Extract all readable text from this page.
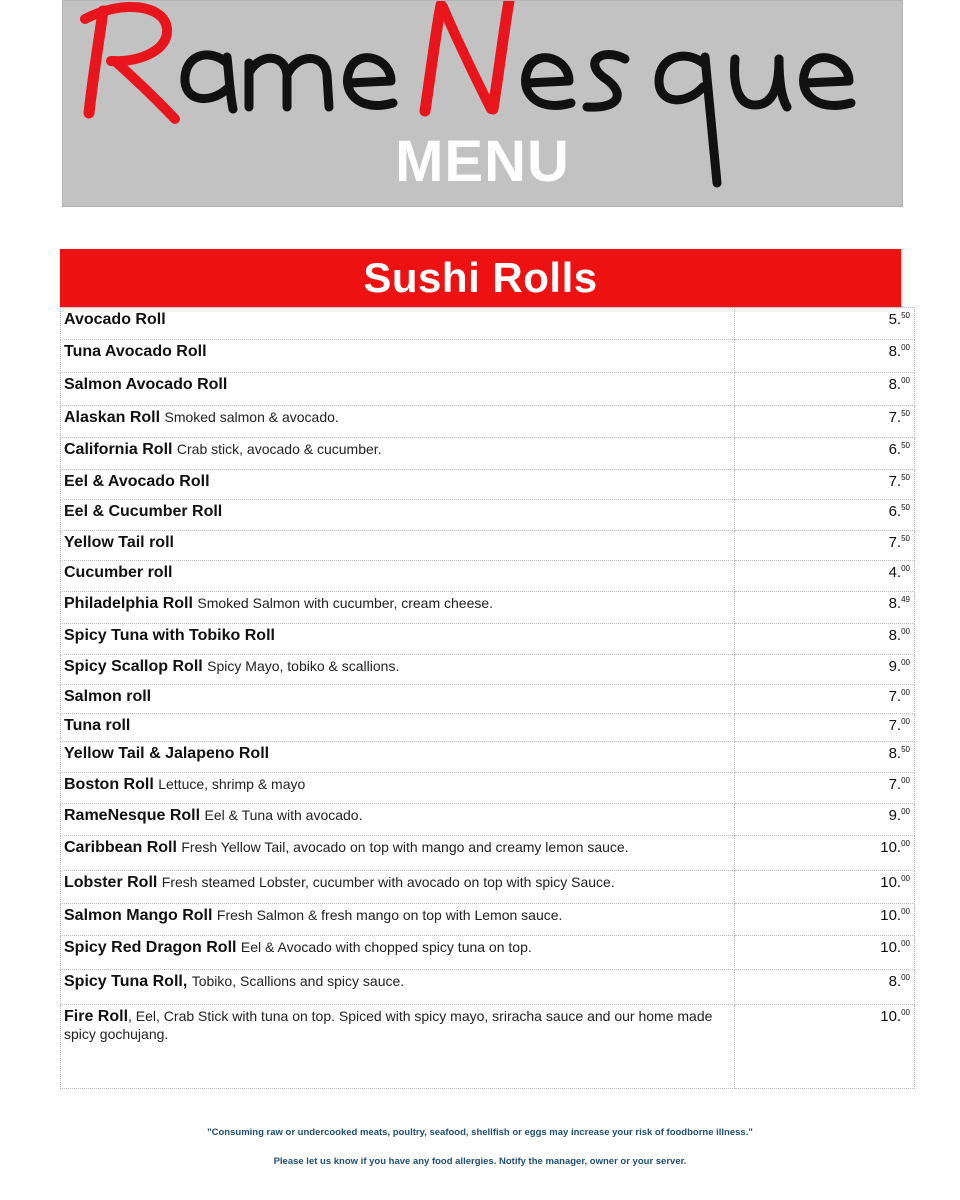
MENU
Sushi Rolls
Avocado Roll	5.50
Tuna Avocado Roll	8.00
Salmon Avocado Roll	8.00
Alaskan Roll Smoked salmon & avocado.	7.50
California Roll Crab stick, avocado & cucumber.	6.50
Eel & Avocado Roll	7.50
Eel & Cucumber Roll	6.50
Yellow Tail roll	7.50
Cucumber roll	4.00
Philadelphia Roll Smoked Salmon with cucumber, cream cheese.	8.49
Spicy Tuna with Tobiko Roll	8.00
Spicy Scallop Roll Spicy Mayo, tobiko & scallions.	9.00
Salmon roll	7.00
Tuna roll	7.00
Yellow Tail & Jalapeno Roll	8.50
Boston Roll Lettuce, shrimp & mayo	7.00
RameNesque Roll Eel & Tuna with avocado.	9.00
Caribbean Roll Fresh Yellow Tail, avocado on top with mango and creamy lemon sauce.	10.00
Lobster Roll Fresh steamed Lobster, cucumber with avocado on top with spicy Sauce.	10.00
Salmon Mango Roll Fresh Salmon & fresh mango on top with Lemon sauce.	10.00
Spicy Red Dragon Roll Eel & Avocado with chopped spicy tuna on top.	10.00
Spicy Tuna Roll, Tobiko, Scallions and spicy sauce.	8.00
Fire Roll, Eel, Crab Stick with tuna on top. Spiced with spicy mayo, sriracha sauce and our home made spicy gochujang.	10.00
"Consuming raw or undercooked meats, poultry, seafood, shellfish or eggs may increase your risk of foodborne illness."
Please let us know if you have any food allergies. Notify the manager, owner or your server.
